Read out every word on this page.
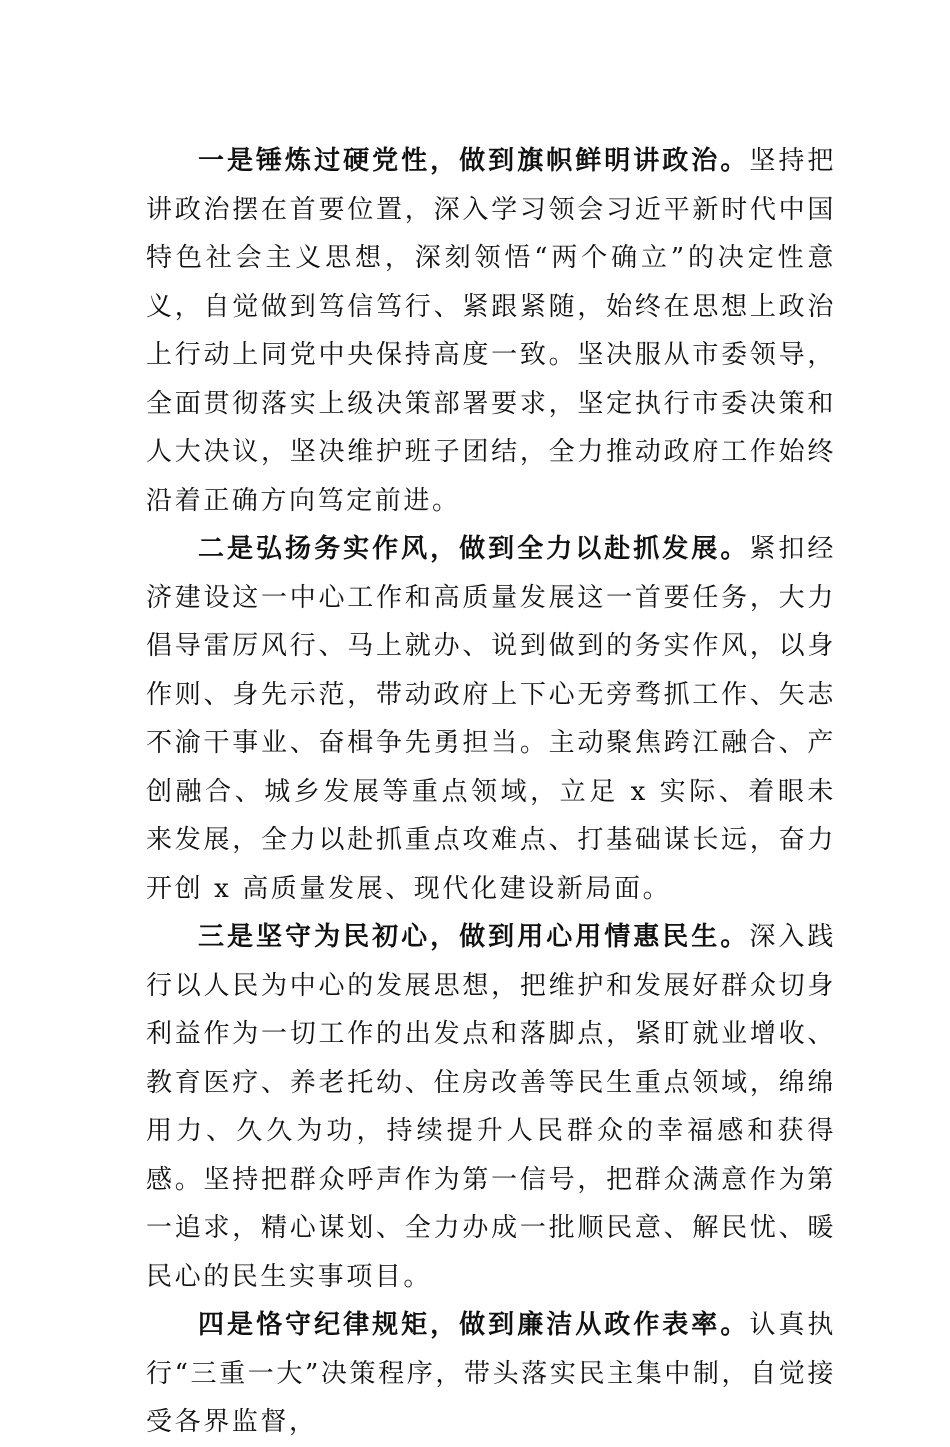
一是锤炼过硬党性，做到旗帜鲜明讲政治。坚持把讲政治摆在首要位置，深入学习领会习近平新时代中国特色社会主义思想，深刻领悟“两个确立”的决定性意义，自觉做到笃信笃行、紧跟紧随，始终在思想上政治上行动上同党中央保持高度一致。坚决服从市委领导，全面贯彻落实上级决策部署要求，坚定执行市委决策和人大决议，坚决维护班子团结，全力推动政府工作始终沿着正确方向笃定前进。

二是弘扬务实作风，做到全力以赴抓发展。紧扣经济建设这一中心工作和高质量发展这一首要任务，大力倡导雷厉风行、马上就办、说到做到的务实作风，以身作则、身先示范，带动政府上下心无旁骛抓工作、矢志不渝干事业、奋楫争先勇担当。主动聚焦跨江融合、产创融合、城乡发展等重点领域，立足 x 实际、着眼未来发展，全力以赴抓重点攻难点、打基础谋长远，奋力开创 x 高质量发展、现代化建设新局面。

三是坚守为民初心，做到用心用情惠民生。深入践行以人民为中心的发展思想，把维护和发展好群众切身利益作为一切工作的出发点和落脚点，紧盯就业增收、教育医疗、养老托幼、住房改善等民生重点领域，绵绵用力、久久为功，持续提升人民群众的幸福感和获得感。坚持把群众呼声作为第一信号，把群众满意作为第一追求，精心谋划、全力办成一批顺民意、解民忧、暖民心的民生实事项目。

四是恪守纪律规矩，做到廉洁从政作表率。认真执行“三重一大”决策程序，带头落实民主集中制，自觉接受各界监督，
